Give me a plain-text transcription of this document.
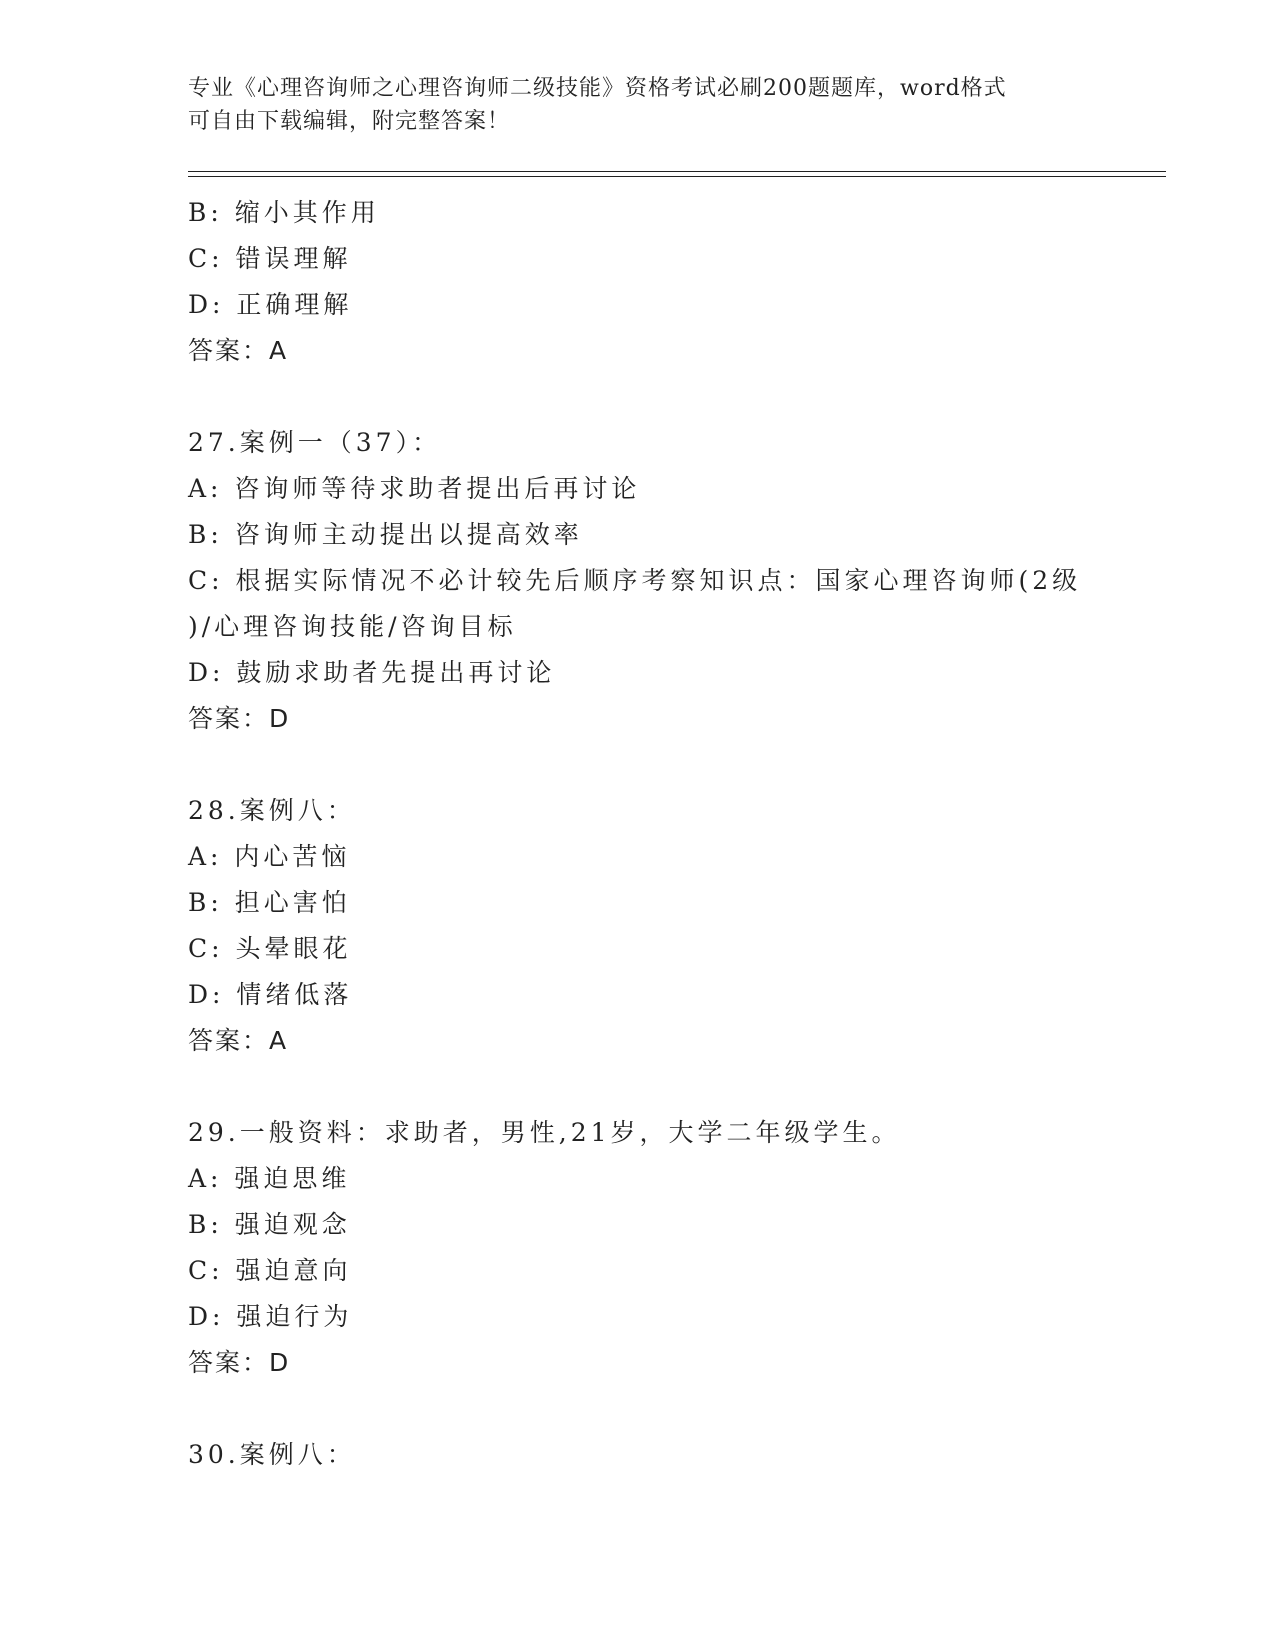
专业《心理咨询师之心理咨询师二级技能》资格考试必刷200题题库，word格式
可自由下载编辑，附完整答案！
B: 缩小其作用
C: 错误理解
D: 正确理解
答案：A
27.案例一（37）：
A: 咨询师等待求助者提出后再讨论
B: 咨询师主动提出以提高效率
C: 根据实际情况不必计较先后顺序考察知识点：国家心理咨询师(2级
)/心理咨询技能/咨询目标
D: 鼓励求助者先提出再讨论
答案：D
28.案例八：
A: 内心苦恼
B: 担心害怕
C: 头晕眼花
D: 情绪低落
答案：A
29.一般资料：求助者，男性,21岁，大学二年级学生。
A: 强迫思维
B: 强迫观念
C: 强迫意向
D: 强迫行为
答案：D
30.案例八：
